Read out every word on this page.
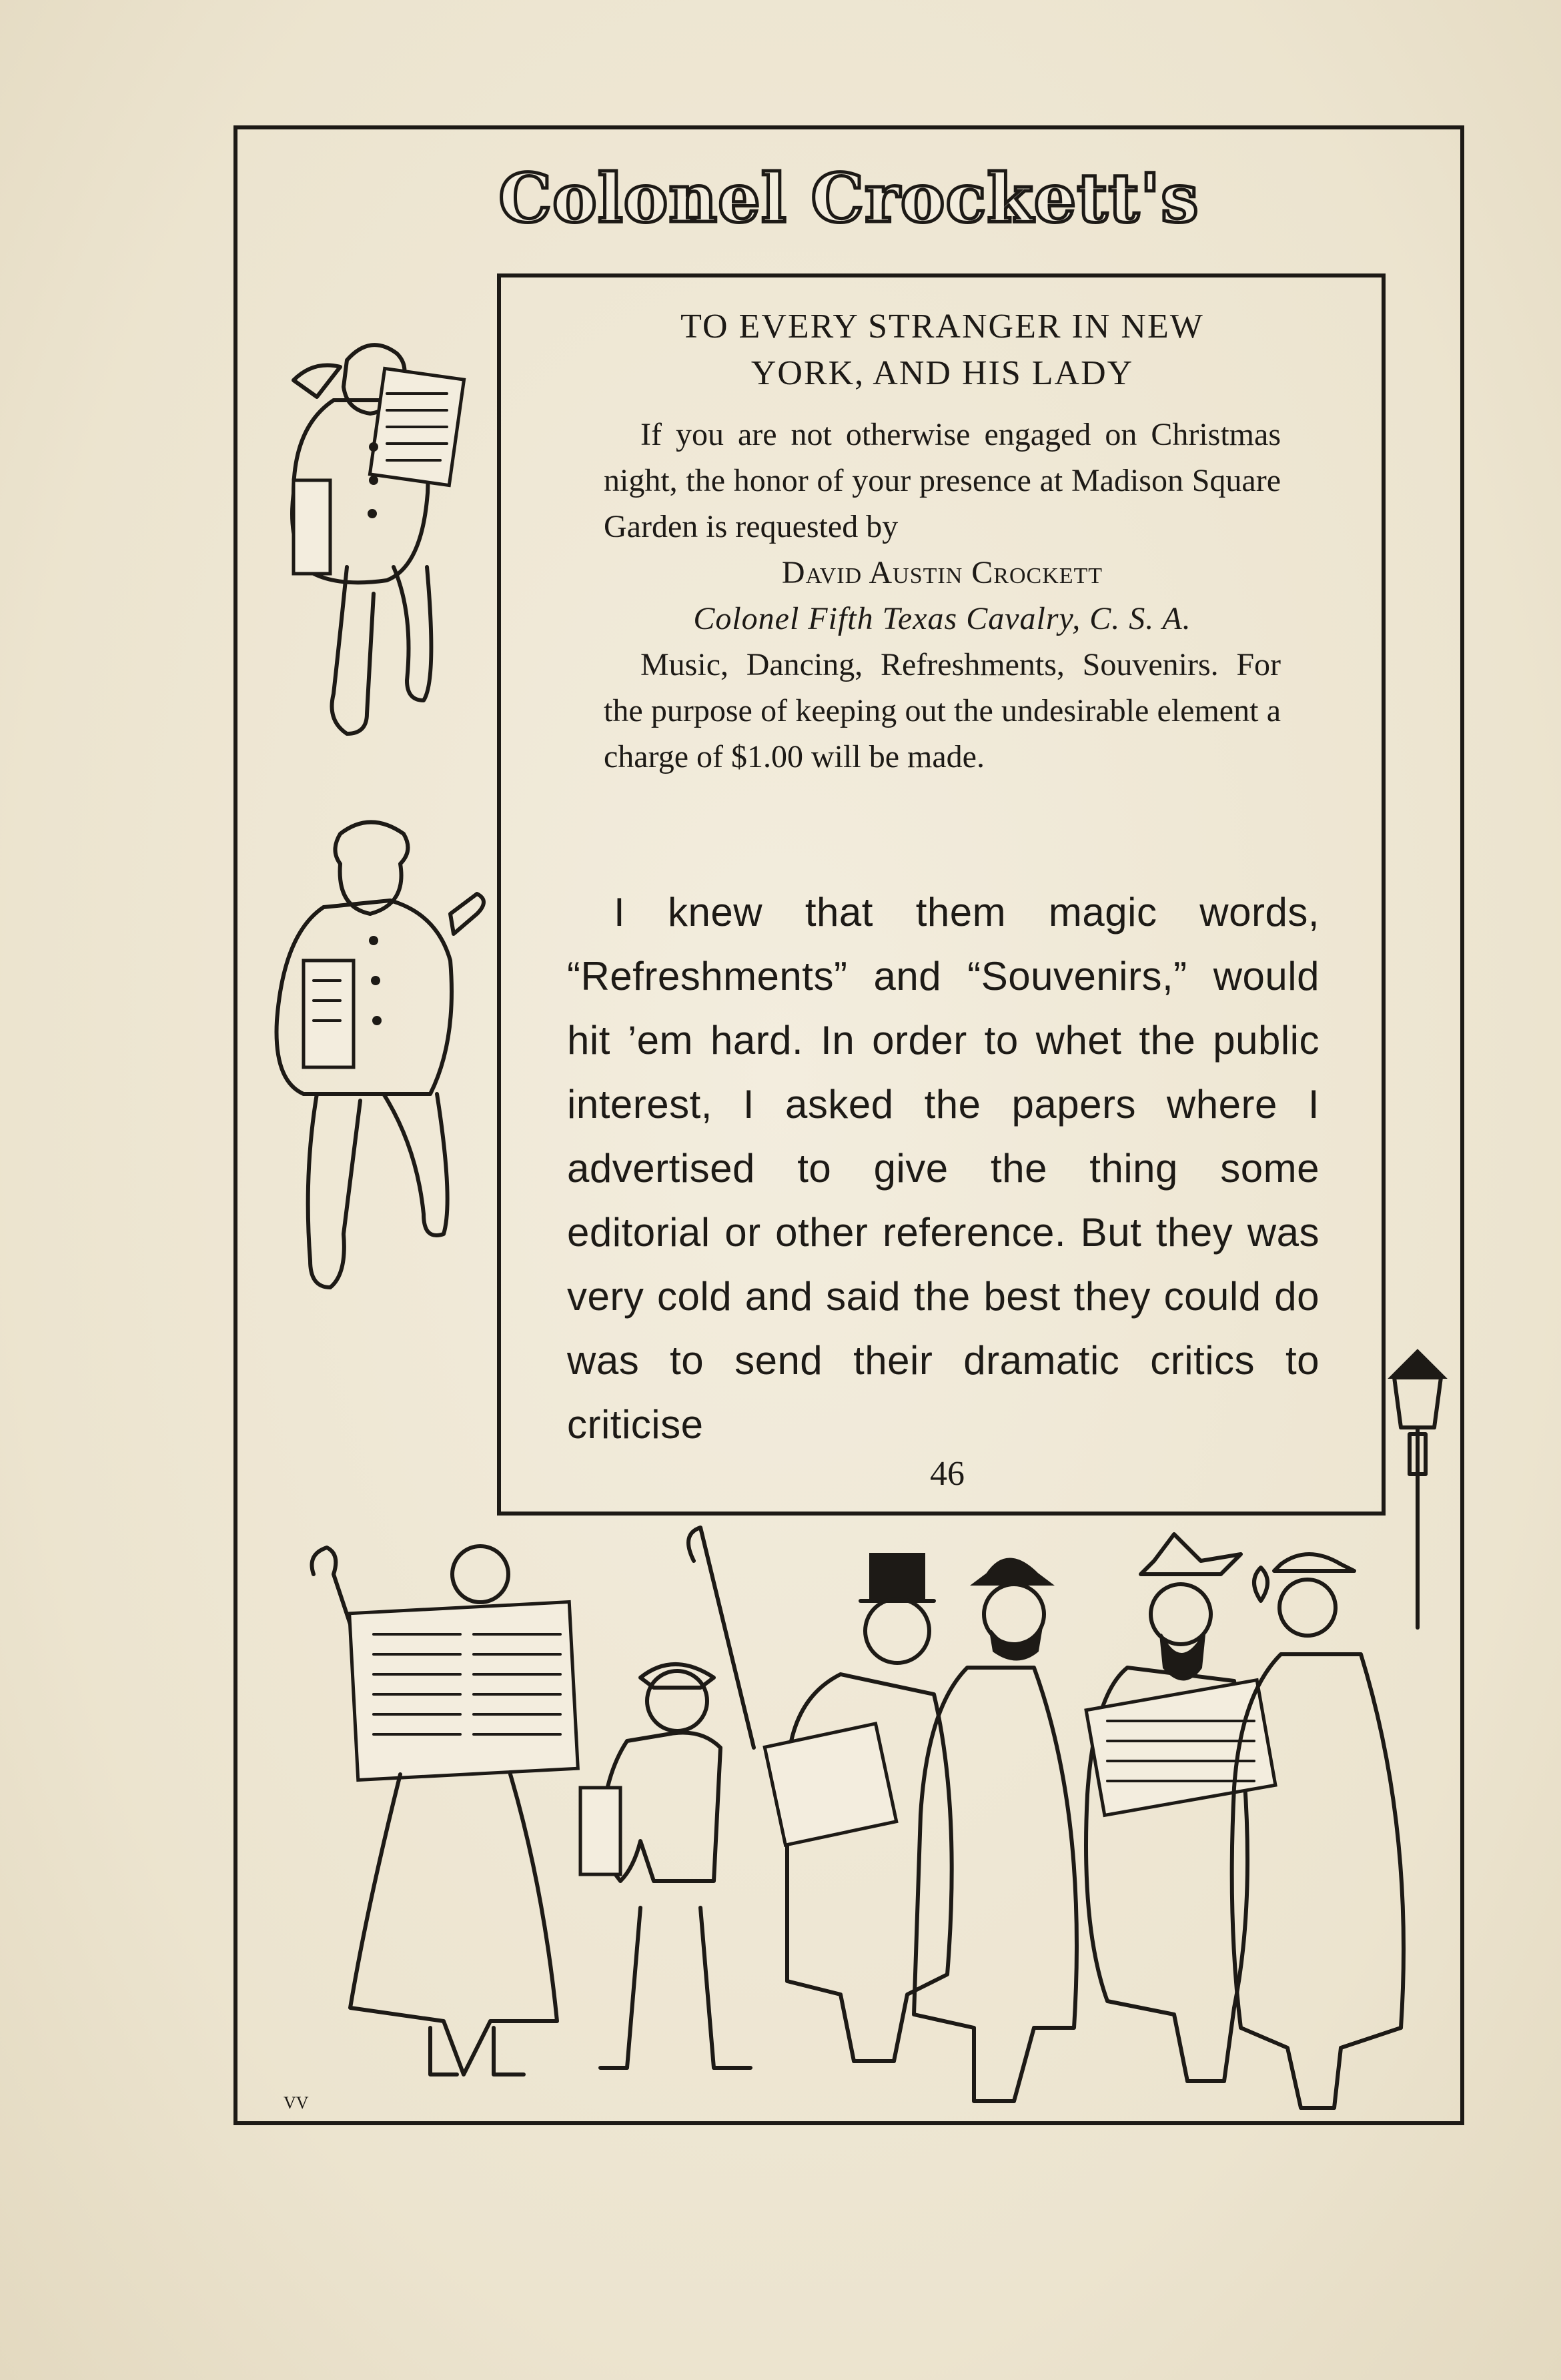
Colonel Crockett's

TO EVERY STRANGER IN NEW
YORK, AND HIS LADY

If you are not otherwise engaged on Christmas night, the honor of your presence at Madison Square Garden is requested by

David Austin Crockett

Colonel Fifth Texas Cavalry, C. S. A.

Music, Dancing, Refreshments, Souvenirs. For the purpose of keeping out the undesirable element a charge of $1.00 will be made.

I knew that them magic words, “Refreshments” and “Souvenirs,” would hit ’em hard. In order to whet the public interest, I asked the papers where I advertised to give the thing some editorial or other reference. But they was very cold and said the best they could do was to send their dramatic critics to criticise

46
VV
